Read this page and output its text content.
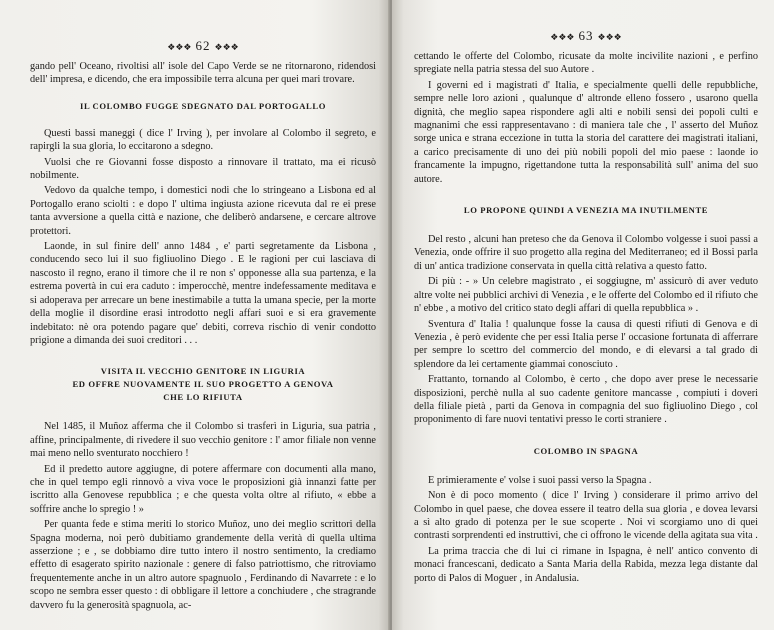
❖❖❖ 62 ❖❖❖

gando pell' Oceano, rivoltisi all' isole del Capo Verde se ne ritornarono, ridendosi dell' impresa, e dicendo, che era impossibile terra alcuna per quei mari trovare.

IL COLOMBO FUGGE SDEGNATO DAL PORTOGALLO

Questi bassi maneggi ( dice l' Irving ), per involare al Colombo il segreto, e rapirgli la sua gloria, lo eccitarono a sdegno.

Vuolsi che re Giovanni fosse disposto a rinnovare il trattato, ma ei ricusò nobilmente.

Vedovo da qualche tempo, i domestici nodi che lo stringeano a Lisbona ed al Portogallo erano sciolti : e dopo l' ultima ingiusta azione ricevuta dal re ei prese tanta avversione a quella città e nazione, che deliberò andarsene, e cercare altrove protettori.

Laonde, in sul finire dell' anno 1484 , e' parti segretamente da Lisbona , conducendo seco lui il suo figliuolino Diego . E le ragioni per cui lasciava di nascosto il regno, erano il timore che il re non s' opponesse alla sua partenza, e la estrema povertà in cui era caduto : imperocchè, mentre indefessamente meditava e si adoperava per arrecare un bene inestimabile a tutta la umana specie, per la morte della moglie il disordine erasi introdotto negli affari suoi e si era gravemente indebitato: nè ora potendo pagare que' debiti, correva rischio di venir condotto prigione a dimanda dei suoi creditori . . .

VISITA IL VECCHIO GENITORE IN LIGURIA
ED OFFRE NUOVAMENTE IL SUO PROGETTO A GENOVA
CHE LO RIFIUTA

Nel 1485, il Muñoz afferma che il Colombo si trasferì in Liguria, sua patria , affine, principalmente, di rivedere il suo vecchio genitore : l' amor filiale non venne mai meno nello sventurato nocchiero !

Ed il predetto autore aggiugne, di potere affermare con documenti alla mano, che in quel tempo egli rinnovò a viva voce le proposizioni già innanzi fatte per iscritto alla Genovese repubblica ; e che questa volta oltre al rifiuto, « ebbe a soffrire anche lo spregio ! »

Per quanta fede e stima meriti lo storico Muñoz, uno dei meglio scrittori della Spagna moderna, noi però dubitiamo grandemente della verità di quella ultima asserzione ; e , se dobbiamo dire tutto intero il nostro sentimento, la crediamo effetto di esagerato spirito nazionale : genere di falso patriottismo, che ritroviamo frequentemente anche in un altro autore spagnuolo , Ferdinando di Navarrete : e lo scopo ne sembra esser questo : di obbligare il lettore a conchiudere , che stragrande davvero fu la generosità spagnuola, ac-

❖❖❖ 63 ❖❖❖

cettando le offerte del Colombo, ricusate da molte incivilite nazioni , e perfino spregiate nella patria stessa del suo Autore .

I governi ed i magistrati d' Italia, e specialmente quelli delle repubbliche, sempre nelle loro azioni , qualunque d' altronde elleno fossero , usarono quella dignità, che meglio sapea rispondere agli alti e nobili sensi dei popoli culti e magnanimi che essi rappresentavano : di maniera tale che , l' asserto del Muñoz sorge unica e strana eccezione in tutta la storia del carattere dei magistrati italiani, a carico precisamente di uno dei più nobili popoli del mio paese : laonde io francamente la impugno, rigettandone tutta la responsabilità sull' anima del suo autore.

LO PROPONE QUINDI A VENEZIA MA INUTILMENTE

Del resto , alcuni han preteso che da Genova il Colombo volgesse i suoi passi a Venezia, onde offrire il suo progetto alla regina del Mediterraneo; ed il Bossi parla di un' antica tradizione conservata in quella città relativa a questo fatto.

Di più : - » Un celebre magistrato , ei soggiugne, m' assicurò di aver veduto altre volte nei pubblici archivi di Venezia , e le offerte del Colombo ed il rifiuto che n' ebbe , a motivo del critico stato degli affari di quella repubblica » .

Sventura d' Italia ! qualunque fosse la causa di questi rifiuti di Genova e di Venezia , è però evidente che per essi Italia perse l' occasione fortunata di afferrare per sempre lo scettro del commercio del mondo, e di elevarsi a tal grado di splendore da lei certamente giammai conosciuto .

Frattanto, tornando al Colombo, è certo , che dopo aver prese le necessarie disposizioni, perchè nulla al suo cadente genitore mancasse , compiuti i doveri della filiale pietà , parti da Genova in compagnia del suo figliuolino Diego , col proponimento di fare nuovi tentativi presso le corti straniere .

COLOMBO IN SPAGNA

E primieramente e' volse i suoi passi verso la Spagna .

Non è di poco momento ( dice l' Irving ) considerare il primo arrivo del Colombo in quel paese, che dovea essere il teatro della sua gloria , e dovea levarsi a sì alto grado di potenza per le sue scoperte . Noi vi scorgiamo uno di quei contrasti sorprendenti ed instruttivi, che ci offrono le vicende della agitata sua vita .

La prima traccia che di lui ci rimane in Ispagna, è nell' antico convento di monaci francescani, dedicato a Santa Maria della Rabida, mezza lega distante dal porto di Palos di Moguer , in Andalusia.
